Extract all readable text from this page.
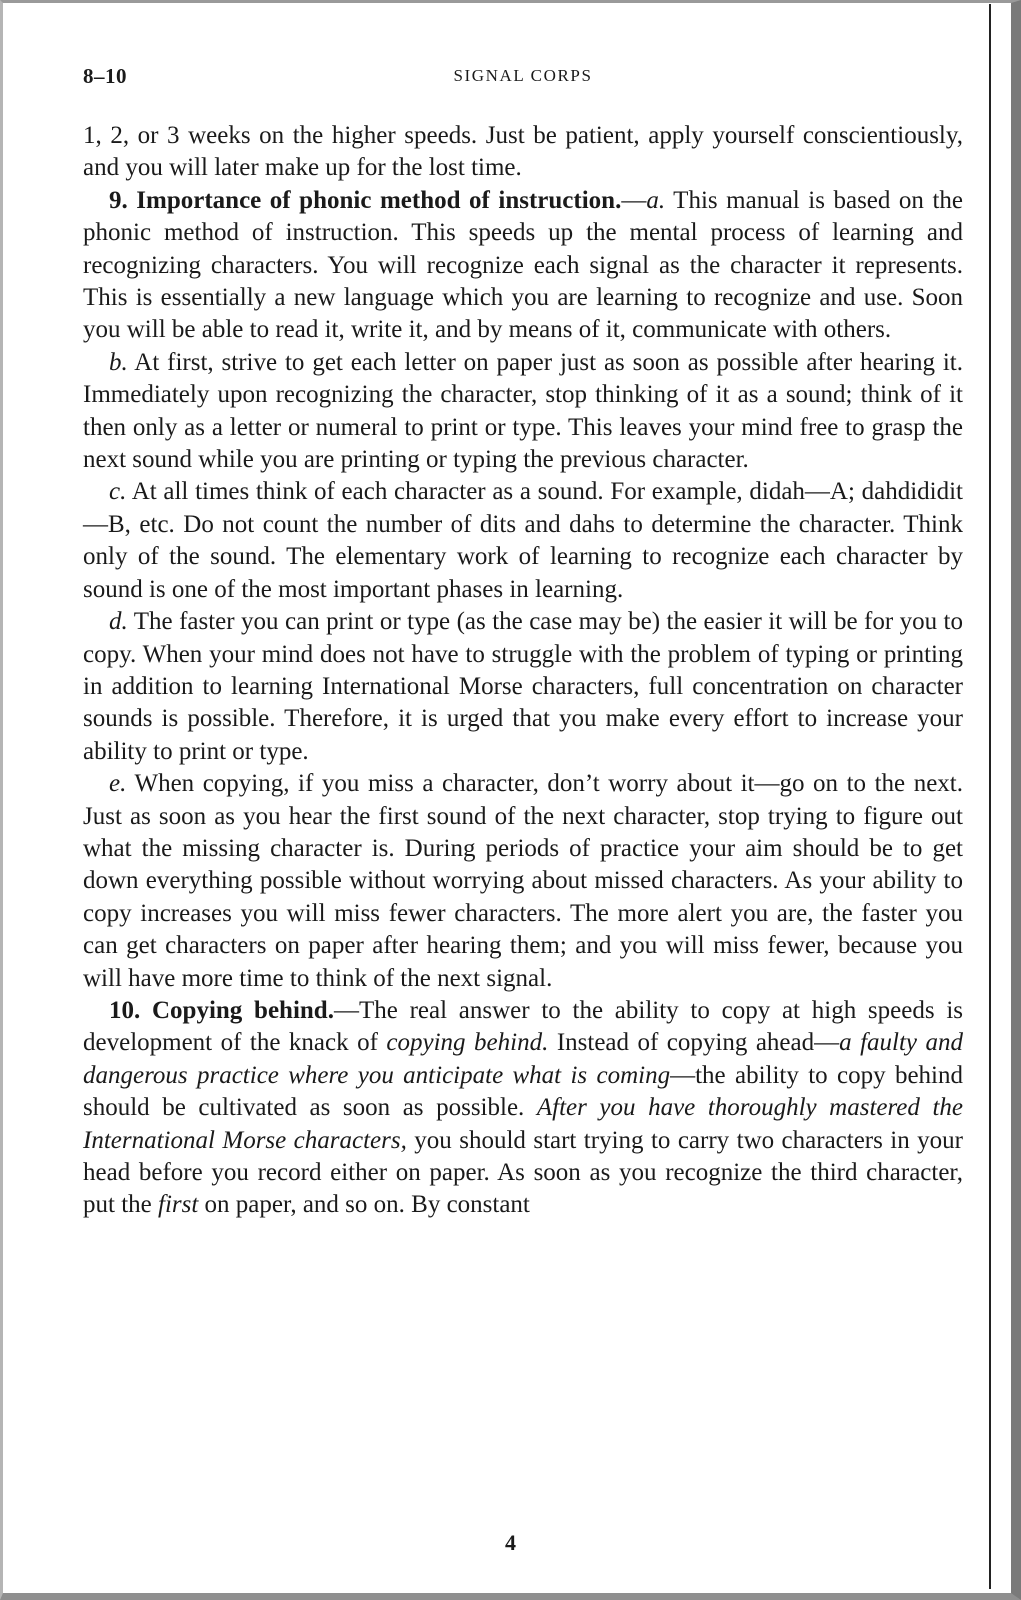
8–10	SIGNAL CORPS

1, 2, or 3 weeks on the higher speeds. Just be patient, apply yourself conscientiously, and you will later make up for the lost time.

9. Importance of phonic method of instruction.—a. This manual is based on the phonic method of instruction. This speeds up the mental process of learning and recognizing characters. You will recognize each signal as the character it represents. This is essentially a new language which you are learning to recognize and use. Soon you will be able to read it, write it, and by means of it, communicate with others.

b. At first, strive to get each letter on paper just as soon as possible after hearing it. Immediately upon recognizing the character, stop thinking of it as a sound; think of it then only as a letter or numeral to print or type. This leaves your mind free to grasp the next sound while you are printing or typing the previous character.

c. At all times think of each character as a sound. For example, didah—A; dahdididit—B, etc. Do not count the number of dits and dahs to determine the character. Think only of the sound. The elementary work of learning to recognize each character by sound is one of the most important phases in learning.

d. The faster you can print or type (as the case may be) the easier it will be for you to copy. When your mind does not have to struggle with the problem of typing or printing in addition to learning International Morse characters, full concentration on character sounds is possible. Therefore, it is urged that you make every effort to increase your ability to print or type.

e. When copying, if you miss a character, don’t worry about it—go on to the next. Just as soon as you hear the first sound of the next character, stop trying to figure out what the missing character is. During periods of practice your aim should be to get down everything possible without worrying about missed characters. As your ability to copy increases you will miss fewer characters. The more alert you are, the faster you can get characters on paper after hearing them; and you will miss fewer, because you will have more time to think of the next signal.

10. Copying behind.—The real answer to the ability to copy at high speeds is development of the knack of copying behind. Instead of copying ahead—a faulty and dangerous practice where you anticipate what is coming—the ability to copy behind should be cultivated as soon as possible. After you have thoroughly mastered the International Morse characters, you should start trying to carry two characters in your head before you record either on paper. As soon as you recognize the third character, put the first on paper, and so on. By constant

4
